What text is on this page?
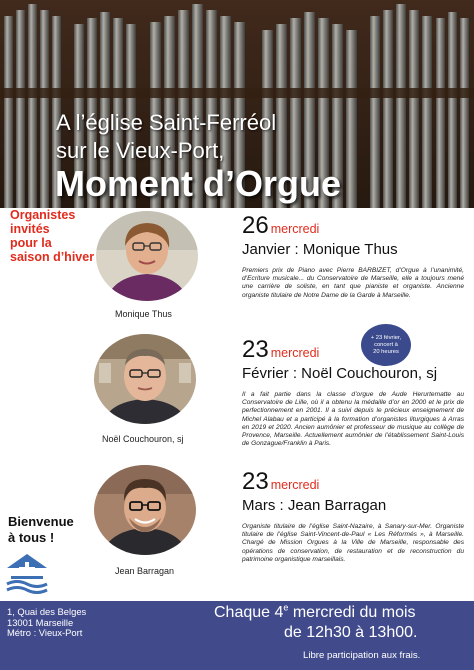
A l’église Saint-Ferréol
sur le Vieux-Port,
Moment d’Orgue
Organistes
invités
pour la
saison d’hiver
Bienvenue
à tous !
Monique Thus
Noël Couchouron, sj
Jean Barragan
26 mercredi
Janvier : Monique Thus
Premiers prix de Piano avec Pierre BARBIZET, d’Orgue à l’unanimité, d’Ecriture musicale... du Conservatoire de Marseille, elle a toujours mené une carrière de soliste, en tant que pianiste et organiste. Ancienne organiste titulaire de Notre Dame de la Garde à Marseille.
+ 23 février,
concert à
20 heures
23 mercredi
Février : Noël Couchouron, sj
Il a fait partie dans la classe d’orgue de Aude Herurtematte au Conservatoire de Lille, où il a obtenu la médaille d’or en 2000 et le prix de perfectionnement en 2001. Il a suivi depuis le précieux enseignement de Michel Alabau et a participé à la formation d’organistes liturgiques à Arras en 2019 et 2020. Ancien aumônier et professeur de musique au collège de Provence, Marseille. Actuellement aumônier de l’établissement Saint-Louis de Gonzague/Franklin à Paris.
23 mercredi
Mars : Jean Barragan
Organiste titulaire de l’église Saint-Nazaire, à Sanary-sur-Mer. Organiste titulaire de l’église Saint-Vincent-de-Paul « Les Réformés », à Marseille. Chargé de Mission Orgues à la Ville de Marseille, responsable des opérations de conservation, de restauration et de reconstruction du patrimoine organistique marseillais.
1, Quai des Belges
13001 Marseille
Métro : Vieux-Port
Chaque 4e mercredi du mois
de 12h30 à 13h00.
Libre participation aux frais.
